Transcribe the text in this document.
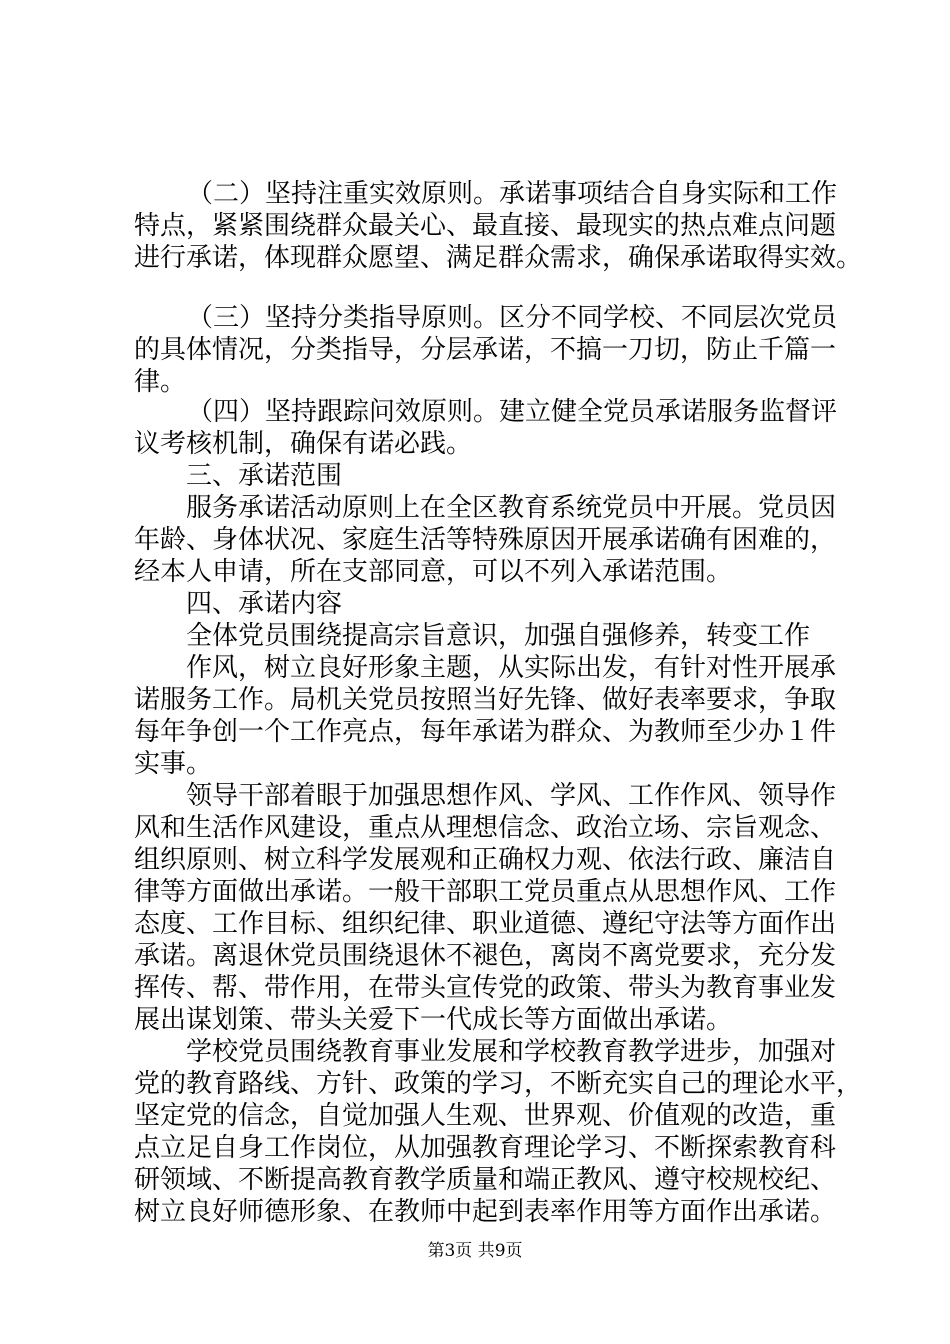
（二）坚持注重实效原则。承诺事项结合自身实际和工作
特点，紧紧围绕群众最关心、最直接、最现实的热点难点问题
进行承诺，体现群众愿望、满足群众需求，确保承诺取得实效。
（三）坚持分类指导原则。区分不同学校、不同层次党员
的具体情况，分类指导，分层承诺，不搞一刀切，防止千篇一
律。
（四）坚持跟踪问效原则。建立健全党员承诺服务监督评
议考核机制，确保有诺必践。
三、承诺范围
服务承诺活动原则上在全区教育系统党员中开展。党员因
年龄、身体状况、家庭生活等特殊原因开展承诺确有困难的，
经本人申请，所在支部同意，可以不列入承诺范围。
四、承诺内容
全体党员围绕提高宗旨意识，加强自强修养，转变工作
作风，树立良好形象主题，从实际出发，有针对性开展承
诺服务工作。局机关党员按照当好先锋、做好表率要求，争取
每年争创一个工作亮点，每年承诺为群众、为教师至少办１件
实事。
领导干部着眼于加强思想作风、学风、工作作风、领导作
风和生活作风建设，重点从理想信念、政治立场、宗旨观念、
组织原则、树立科学发展观和正确权力观、依法行政、廉洁自
律等方面做出承诺。一般干部职工党员重点从思想作风、工作
态度、工作目标、组织纪律、职业道德、遵纪守法等方面作出
承诺。离退休党员围绕退休不褪色，离岗不离党要求，充分发
挥传、帮、带作用，在带头宣传党的政策、带头为教育事业发
展出谋划策、带头关爱下一代成长等方面做出承诺。
学校党员围绕教育事业发展和学校教育教学进步，加强对
党的教育路线、方针、政策的学习，不断充实自己的理论水平，
坚定党的信念，自觉加强人生观、世界观、价值观的改造，重
点立足自身工作岗位，从加强教育理论学习、不断探索教育科
研领域、不断提高教育教学质量和端正教风、遵守校规校纪、
树立良好师德形象、在教师中起到表率作用等方面作出承诺。
第3页 共9页
